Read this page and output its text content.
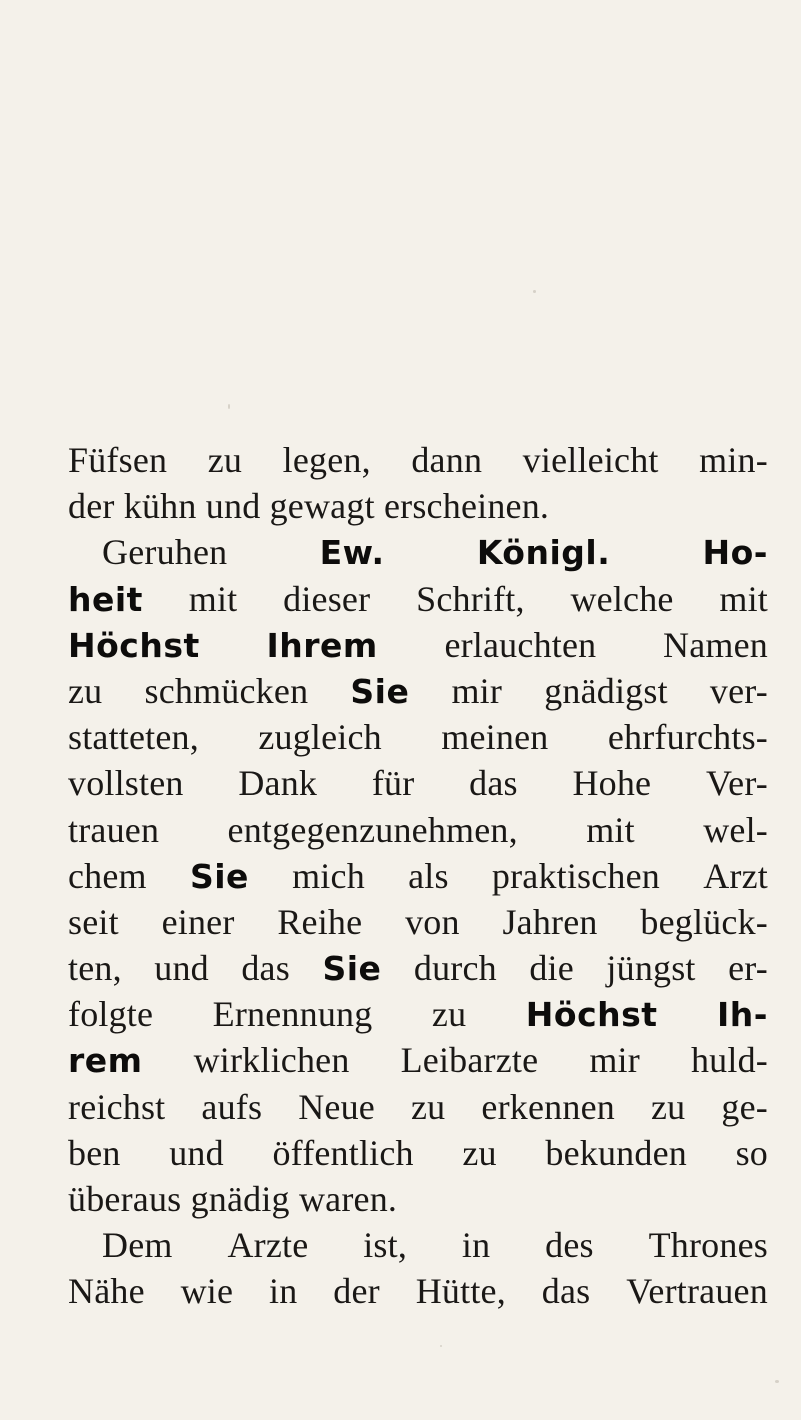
Füfsen zu legen, dann vielleicht min-
der kühn und gewagt erscheinen.
Geruhen	Ew.	Königl.	Ho-
heit mit dieser Schrift, welche mit
Höchst Ihrem erlauchten Namen
zu schmücken Sie mir gnädigst ver-
statteten, zugleich meinen ehrfurchts-
vollsten Dank für das Hohe Ver-
trauen entgegenzunehmen, mit wel-
chem Sie mich als praktischen Arzt
seit einer Reihe von Jahren beglück-
ten, und das Sie durch die jüngst er-
folgte Ernennung zu Höchst Ih-
rem wirklichen Leibarzte mir huld-
reichst aufs Neue zu erkennen zu ge-
ben und öffentlich zu bekunden so
überaus gnädig waren.
Dem Arzte ist, in des Thrones
Nähe wie in der Hütte, das Vertrauen
